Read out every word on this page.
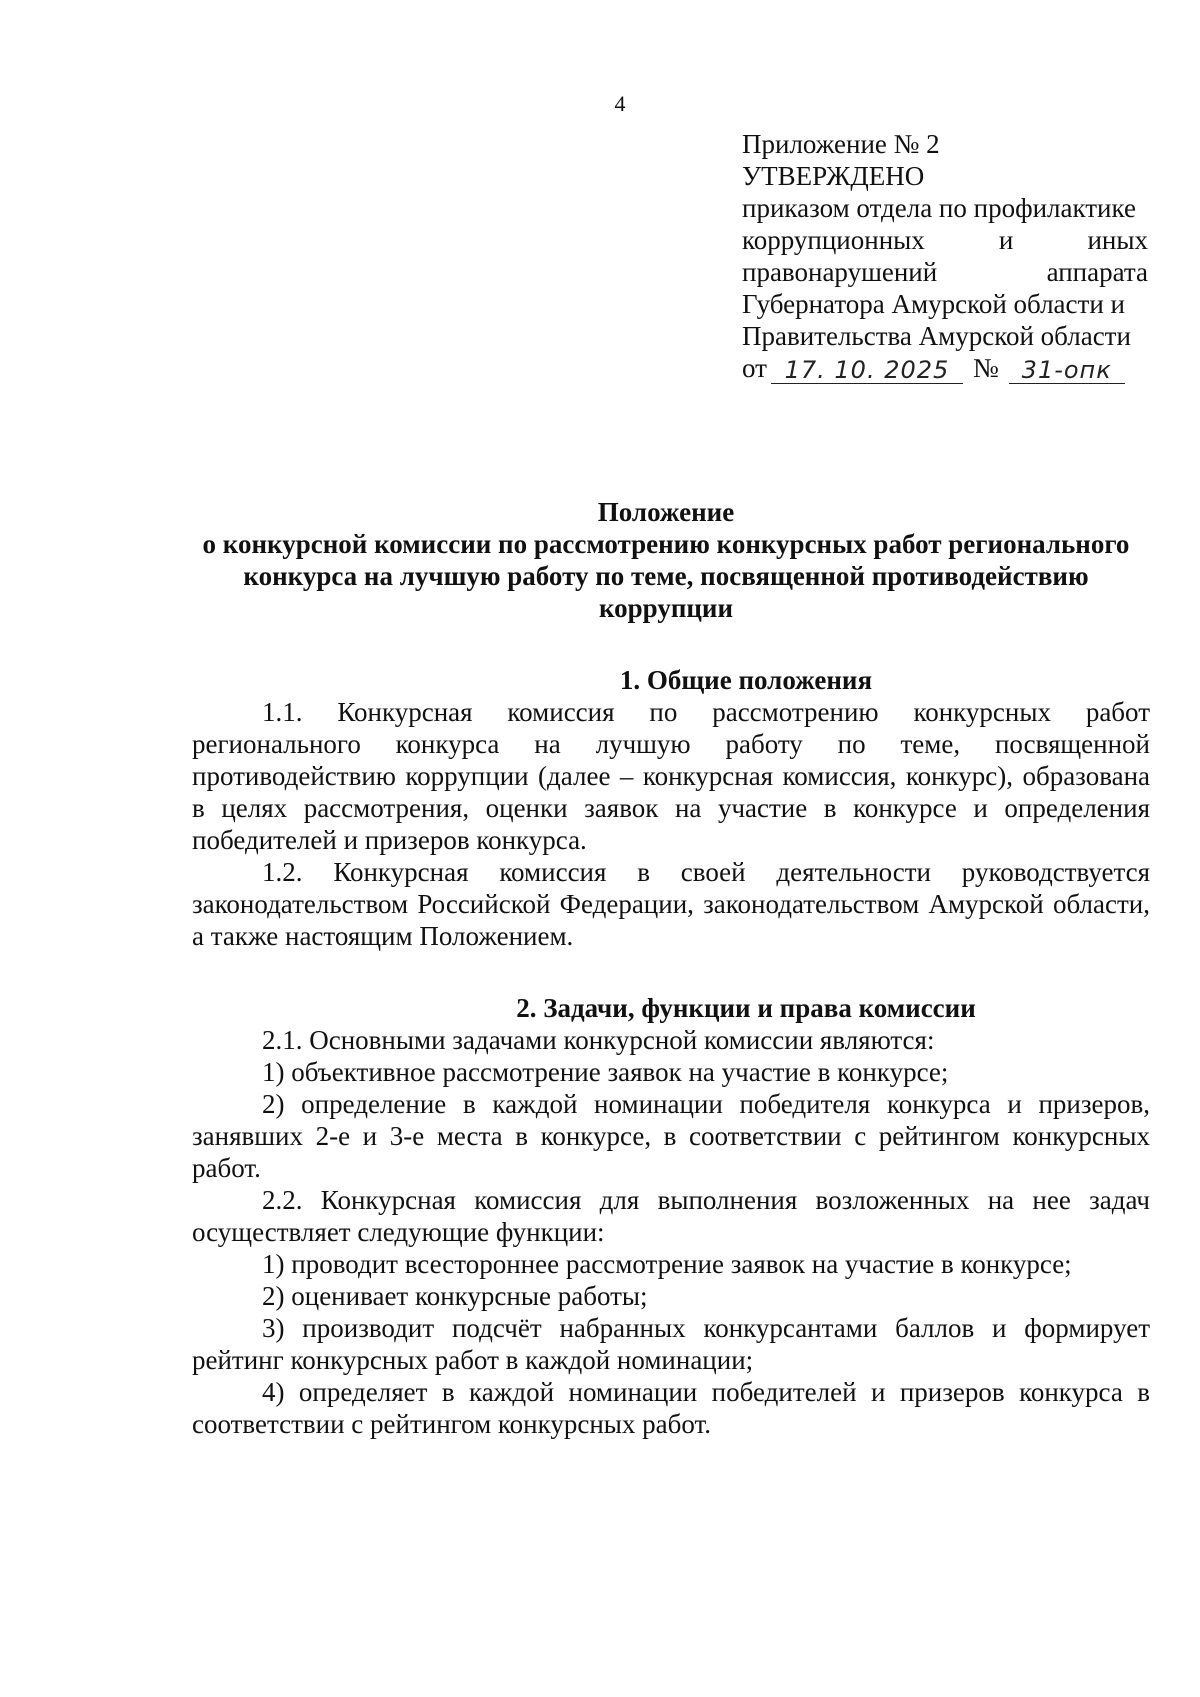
4
Приложение № 2
УТВЕРЖДЕНО
приказом отдела по профилактике
коррупционных и иных
правонарушений аппарата
Губернатора Амурской области и
Правительства Амурской области
от 17. 10. 2025 № 31-опк
Положение
о конкурсной комиссии по рассмотрению конкурсных работ регионального
конкурса на лучшую работу по теме, посвященной противодействию
коррупции
1. Общие положения

1.1. Конкурсная комиссия по рассмотрению конкурсных работ регионального конкурса на лучшую работу по теме, посвященной противодействию коррупции (далее – конкурсная комиссия, конкурс), образована в целях рассмотрения, оценки заявок на участие в конкурсе и определения победителей и призеров конкурса.

1.2. Конкурсная комиссия в своей деятельности руководствуется законодательством Российской Федерации, законодательством Амурской области, а также настоящим Положением.

2. Задачи, функции и права комиссии

2.1. Основными задачами конкурсной комиссии являются:

1) объективное рассмотрение заявок на участие в конкурсе;

2) определение в каждой номинации победителя конкурса и призеров, занявших 2-е и 3-е места в конкурсе, в соответствии с рейтингом конкурсных работ.

2.2. Конкурсная комиссия для выполнения возложенных на нее задач осуществляет следующие функции:

1) проводит всестороннее рассмотрение заявок на участие в конкурсе;

2) оценивает конкурсные работы;

3) производит подсчёт набранных конкурсантами баллов и формирует рейтинг конкурсных работ в каждой номинации;

4) определяет в каждой номинации победителей и призеров конкурса в соответствии с рейтингом конкурсных работ.
